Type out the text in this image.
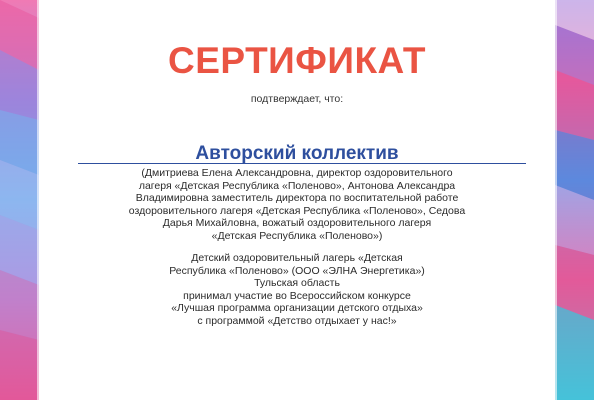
СЕРТИФИКАТ
подтверждает, что:
Авторский коллектив
(Дмитриева Елена Александровна, директор оздоровительного
лагеря «Детская Республика «Поленово», Антонова Александра
Владимировна заместитель директора по воспитательной работе
оздоровительного лагеря «Детская Республика «Поленово», Седова
Дарья Михайловна, вожатый оздоровительного лагеря
«Детская Республика «Поленово»)
Детский оздоровительный лагерь «Детская
Республика «Поленово» (ООО «ЭЛНА Энергетика»)
Тульская область
принимал участие во Всероссийском конкурсе
«Лучшая программа организации детского отдыха»
с программой «Детство отдыхает у нас!»
